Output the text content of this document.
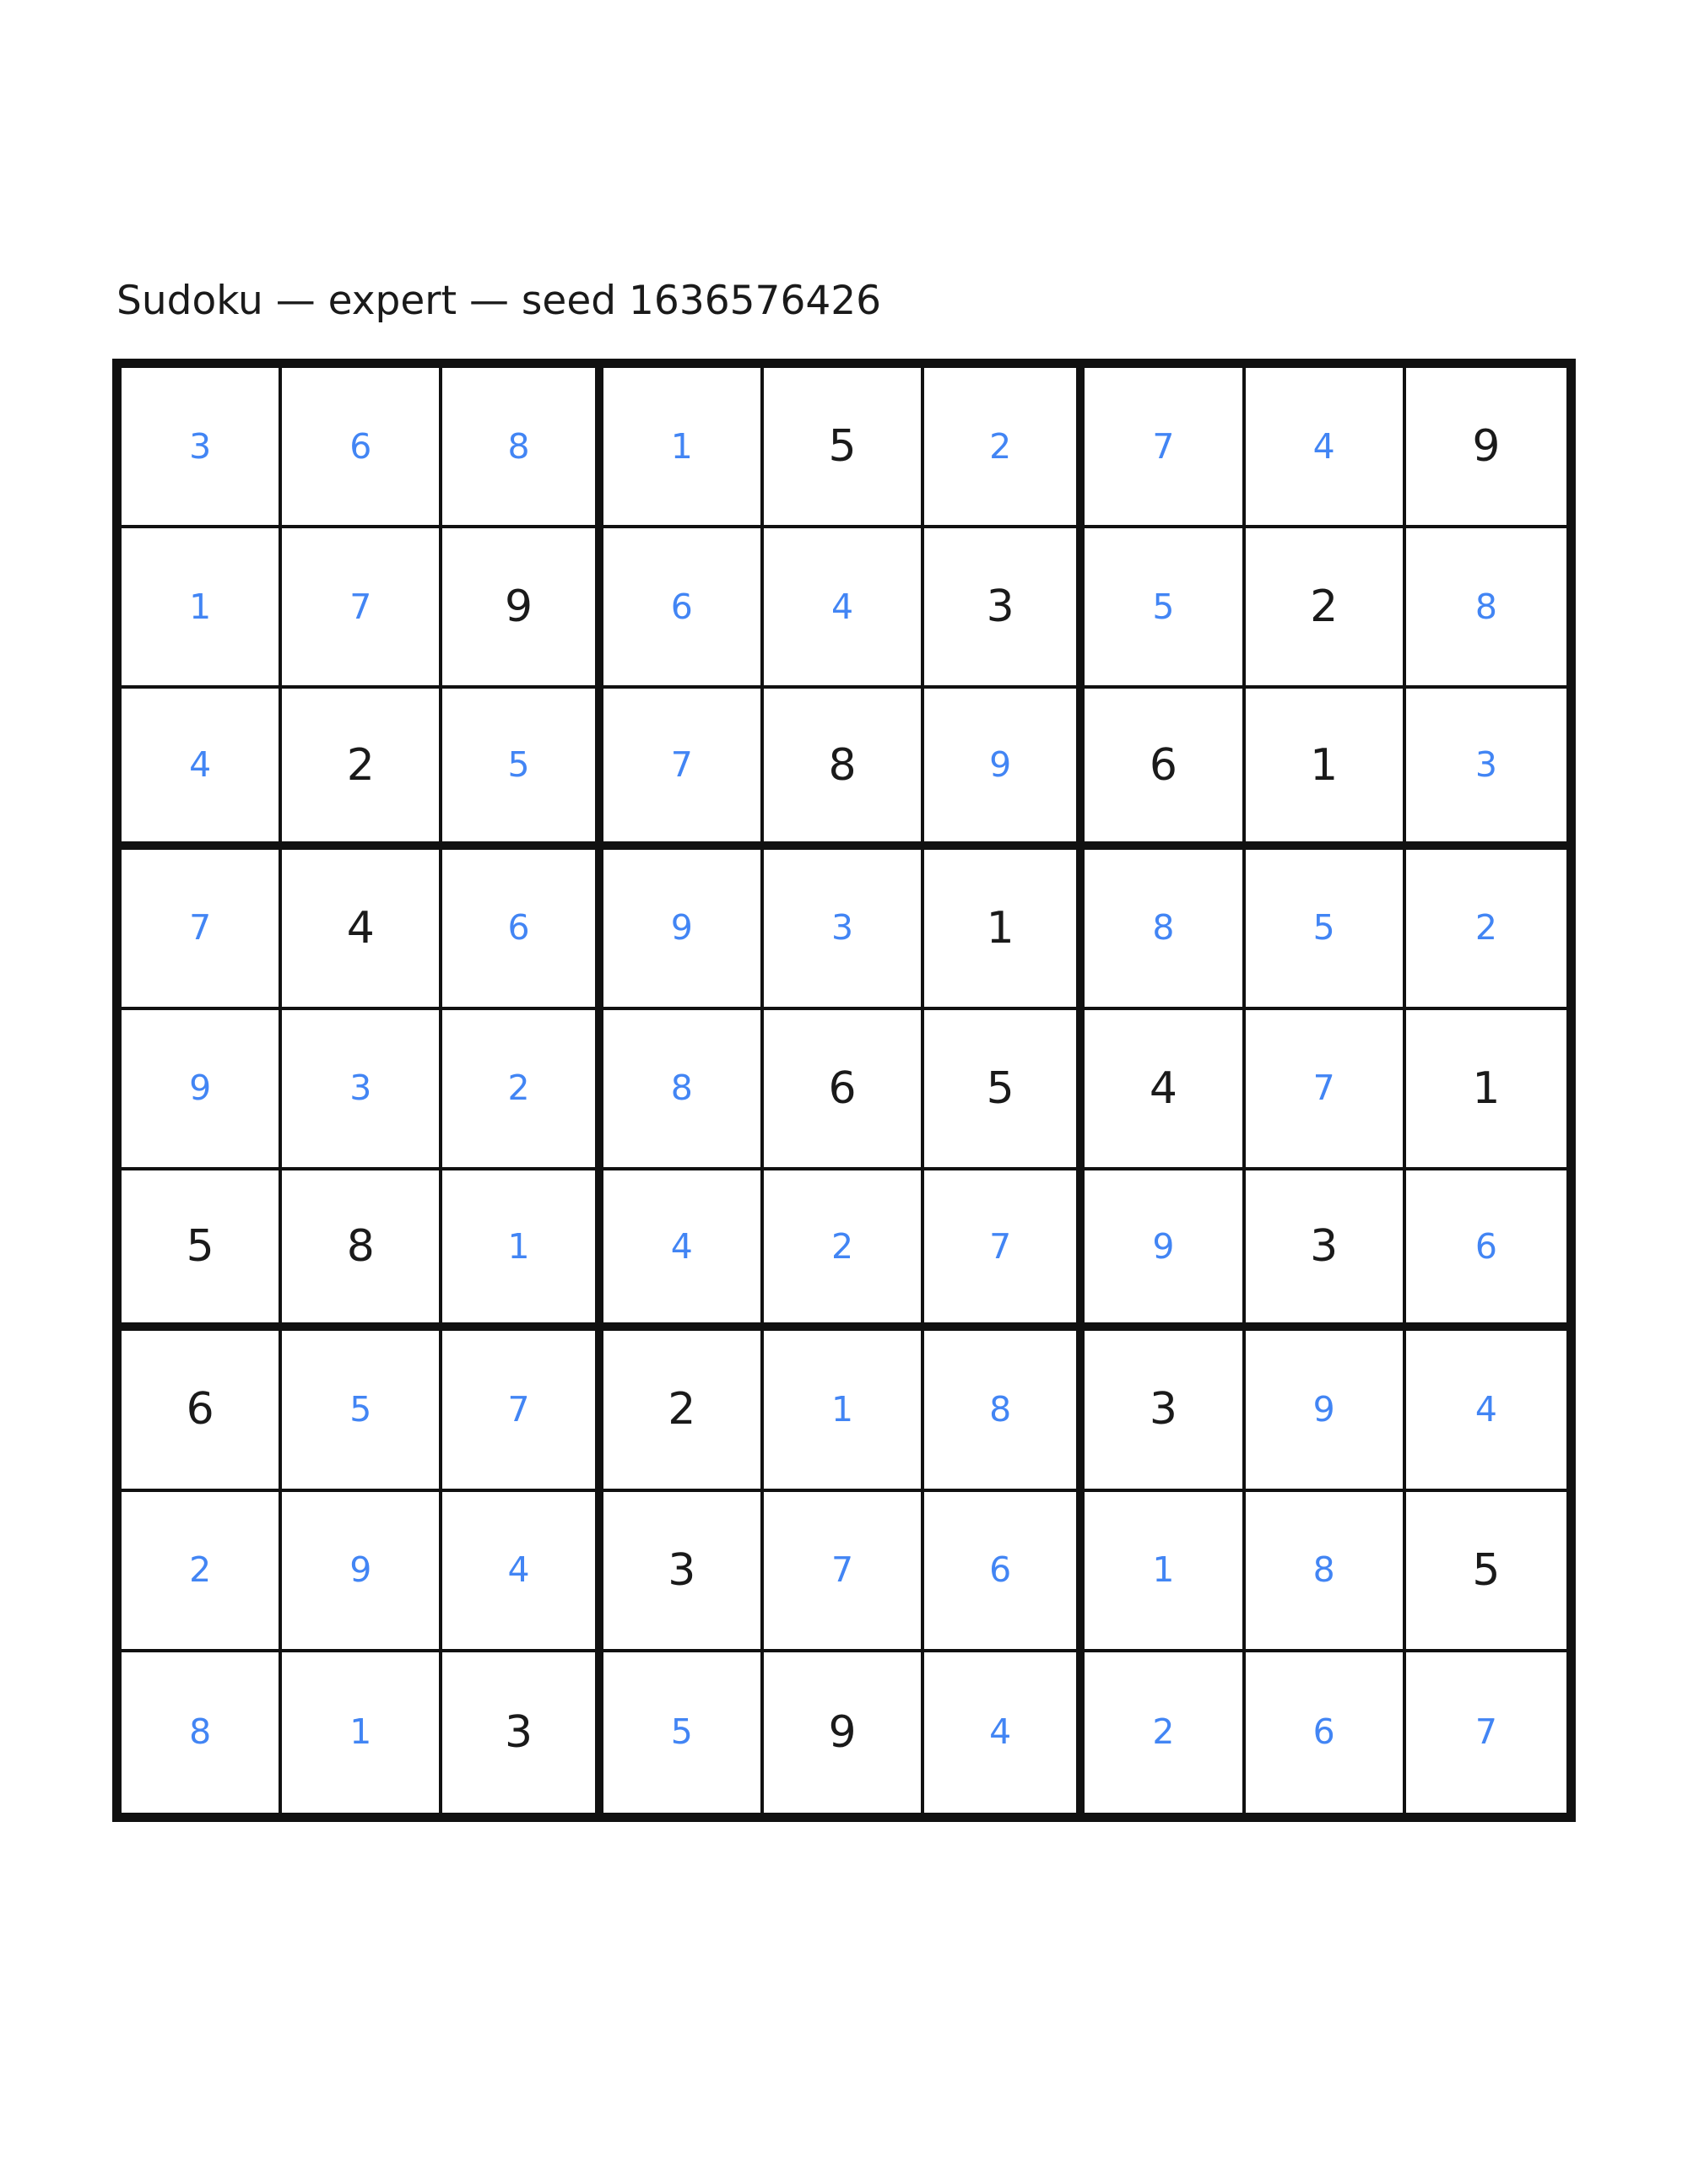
Sudoku — expert — seed 1636576426
3	6	8	1	5	2	7	4	9
1	7	9	6	4	3	5	2	8
4	2	5	7	8	9	6	1	3
7	4	6	9	3	1	8	5	2
9	3	2	8	6	5	4	7	1
5	8	1	4	2	7	9	3	6
6	5	7	2	1	8	3	9	4
2	9	4	3	7	6	1	8	5
8	1	3	5	9	4	2	6	7
